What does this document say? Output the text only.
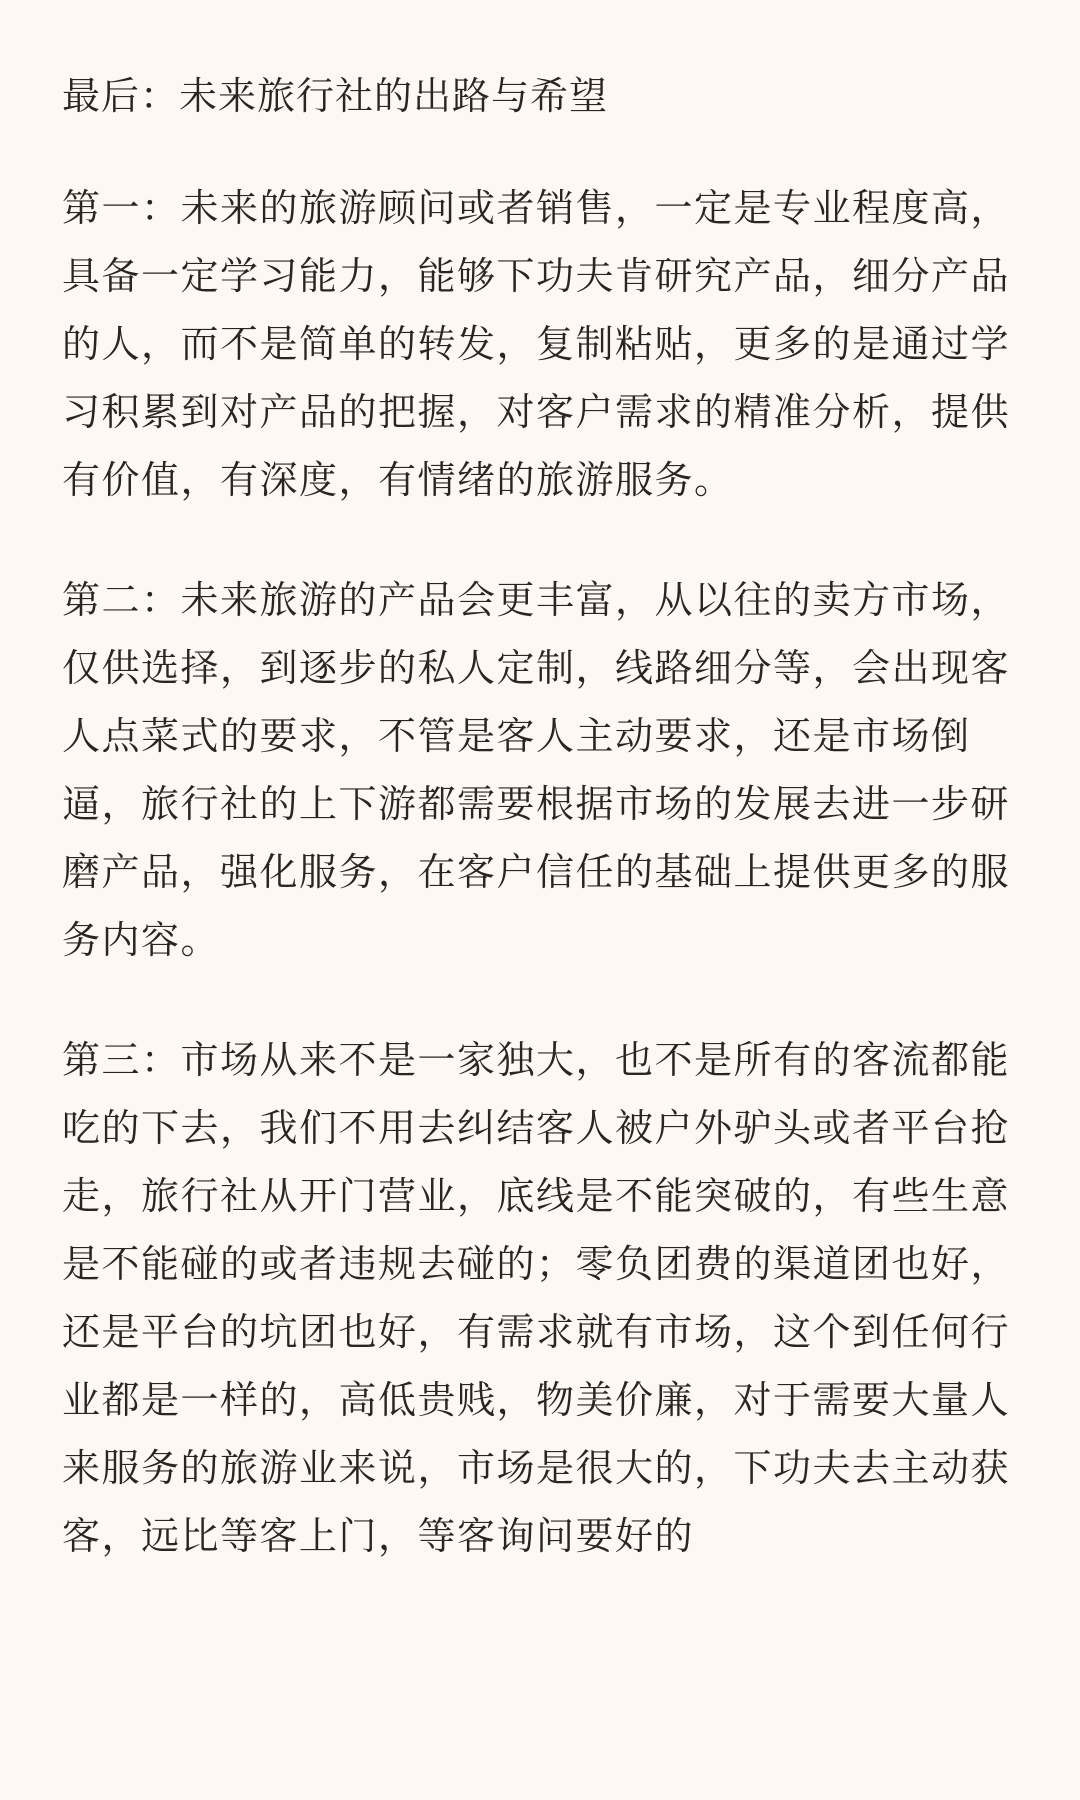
最后：未来旅行社的出路与希望
第一：未来的旅游顾问或者销售，一定是专业程度高，具备一定学习能力，能够下功夫肯研究产品，细分产品的人，而不是简单的转发，复制粘贴，更多的是通过学习积累到对产品的把握，对客户需求的精准分析，提供有价值，有深度，有情绪的旅游服务。
第二：未来旅游的产品会更丰富，从以往的卖方市场，仅供选择，到逐步的私人定制，线路细分等，会出现客人点菜式的要求，不管是客人主动要求，还是市场倒逼，旅行社的上下游都需要根据市场的发展去进一步研磨产品，强化服务，在客户信任的基础上提供更多的服务内容。
第三：市场从来不是一家独大，也不是所有的客流都能吃的下去，我们不用去纠结客人被户外驴头或者平台抢走，旅行社从开门营业，底线是不能突破的，有些生意是不能碰的或者违规去碰的；零负团费的渠道团也好，还是平台的坑团也好，有需求就有市场，这个到任何行业都是一样的，高低贵贱，物美价廉，对于需要大量人来服务的旅游业来说，市场是很大的，下功夫去主动获客，远比等客上门，等客询问要好的
